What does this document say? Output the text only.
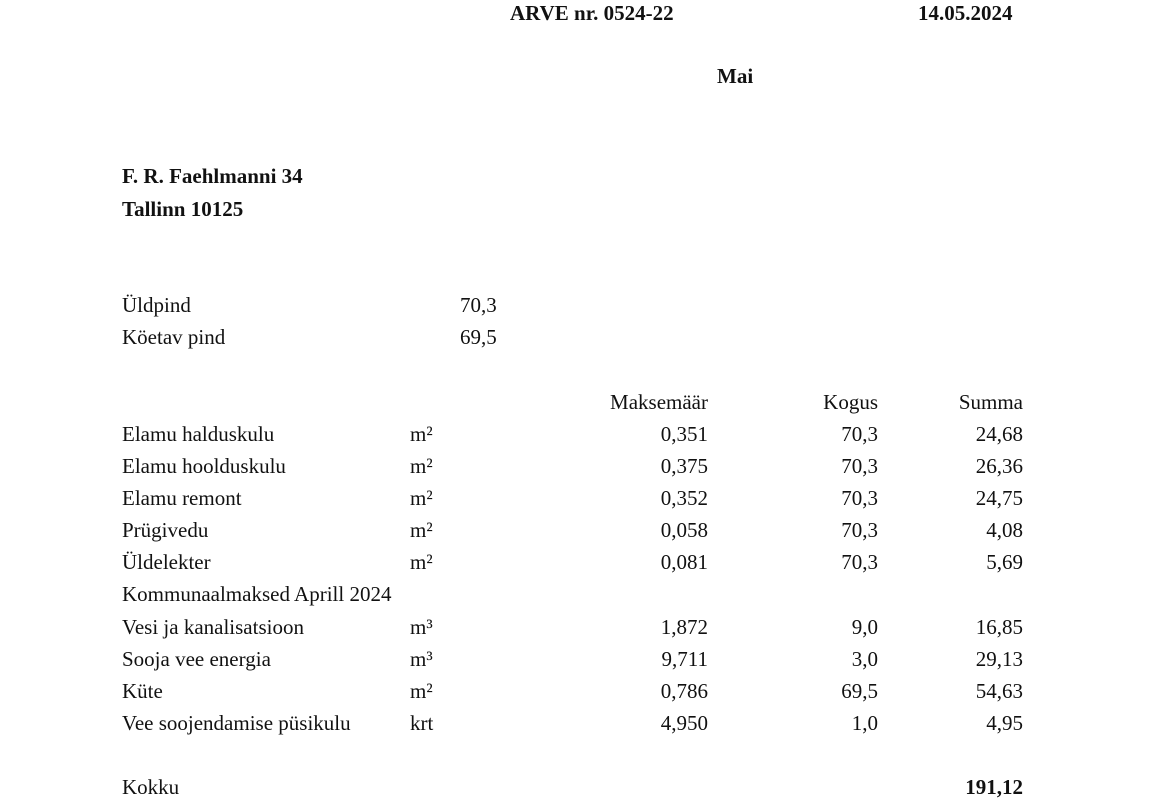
ARVE nr. 0524-22	14.05.2024
Mai
F. R. Faehlmanni 34
Tallinn 10125
Üldpind	70,3
Köetav pind	69,5
Maksemäär	Kogus	Summa
Elamu halduskulu	m²	0,351	70,3	24,68
Elamu hoolduskulu	m²	0,375	70,3	26,36
Elamu remont	m²	0,352	70,3	24,75
Prügivedu	m²	0,058	70,3	4,08
Üldelekter	m²	0,081	70,3	5,69
Kommunaalmaksed Aprill 2024
Vesi ja kanalisatsioon	m³	1,872	9,0	16,85
Sooja vee energia	m³	9,711	3,0	29,13
Küte	m²	0,786	69,5	54,63
Vee soojendamise püsikulu	krt	4,950	1,0	4,95
Kokku	191,12
